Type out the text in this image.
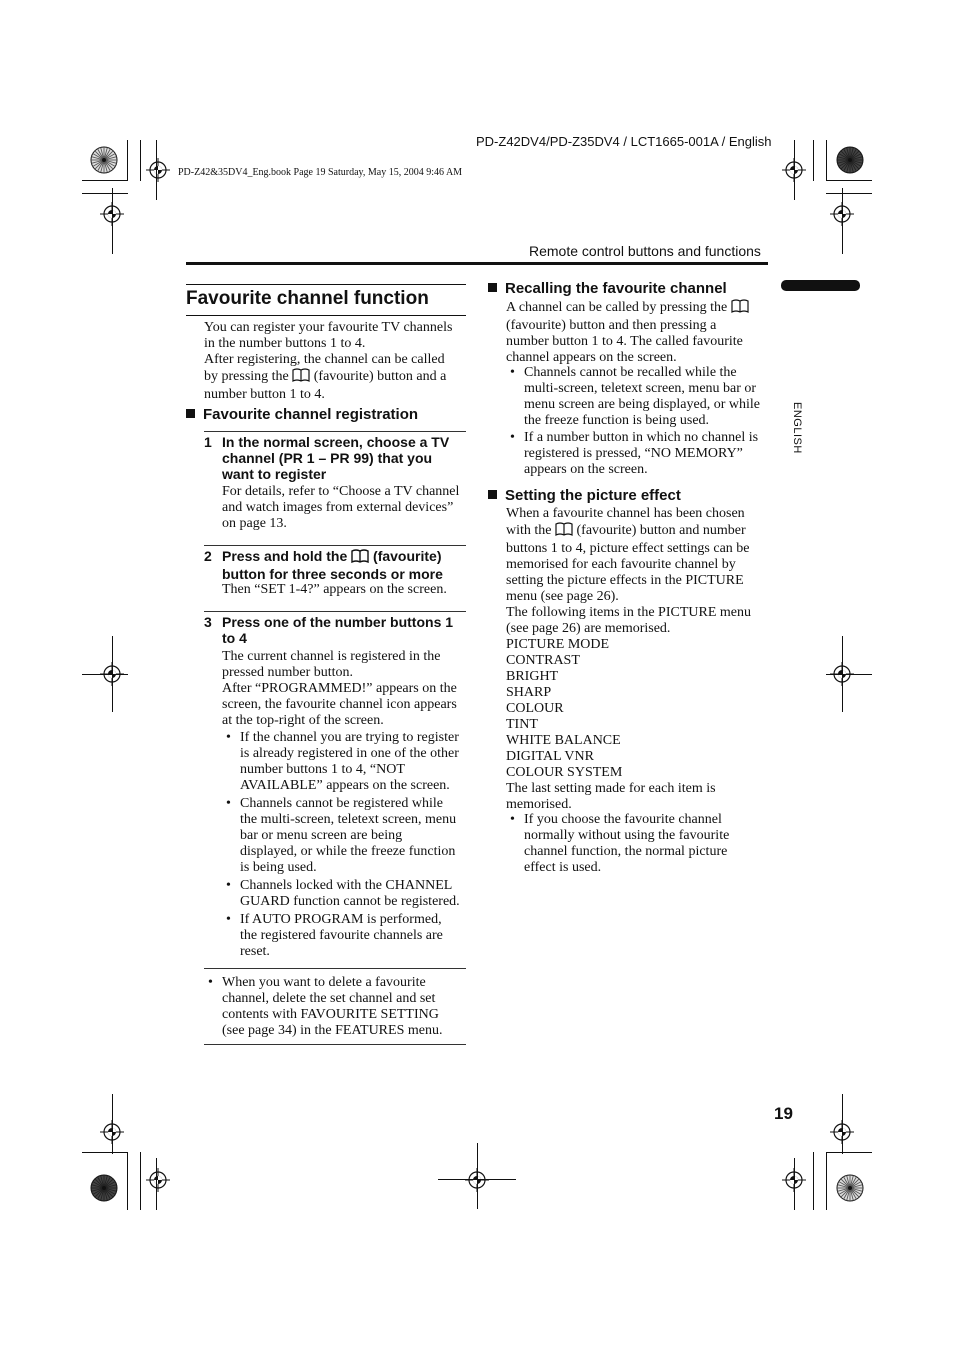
PD-Z42DV4/PD-Z35DV4 / LCT1665-001A / English
PD-Z42&35DV4_Eng.book Page 19 Saturday, May 15, 2004 9:46 AM
Remote control buttons and functions
ENGLISH
19
Favourite channel function
You can register your favourite TV channels
in the number buttons 1 to 4.
After registering, the channel can be called
by pressing the  (favourite) button and a
number button 1 to 4.
Favourite channel registration
1 In the normal screen, choose a TV
channel (PR 1 – PR 99) that you
want to register
For details, refer to “Choose a TV channel
and watch images from external devices”
on page 13.
2 Press and hold the  (favourite)
button for three seconds or more
Then “SET 1-4?” appears on the screen.
3 Press one of the number buttons 1
to 4
The current channel is registered in the
pressed number button.
After “PROGRAMMED!” appears on the
screen, the favourite channel icon appears
at the top-right of the screen.
• If the channel you are trying to register
is already registered in one of the other
number buttons 1 to 4, “NOT
AVAILABLE” appears on the screen.
• Channels cannot be registered while
the multi-screen, teletext screen, menu
bar or menu screen are being
displayed, or while the freeze function
is being used.
• Channels locked with the CHANNEL
GUARD function cannot be registered.
• If AUTO PROGRAM is performed,
the registered favourite channels are
reset.
• When you want to delete a favourite
channel, delete the set channel and set
contents with FAVOURITE SETTING
(see page 34) in the FEATURES menu.
Recalling the favourite channel
A channel can be called by pressing the
(favourite) button and then pressing a
number button 1 to 4. The called favourite
channel appears on the screen.
• Channels cannot be recalled while the
multi-screen, teletext screen, menu bar or
menu screen are being displayed, or while
the freeze function is being used.
• If a number button in which no channel is
registered is pressed, “NO MEMORY”
appears on the screen.
Setting the picture effect
When a favourite channel has been chosen
with the  (favourite) button and number
buttons 1 to 4, picture effect settings can be
memorised for each favourite channel by
setting the picture effects in the PICTURE
menu (see page 26).
The following items in the PICTURE menu
(see page 26) are memorised.
PICTURE MODE
CONTRAST
BRIGHT
SHARP
COLOUR
TINT
WHITE BALANCE
DIGITAL VNR
COLOUR SYSTEM
The last setting made for each item is
memorised.
• If you choose the favourite channel
normally without using the favourite
channel function, the normal picture
effect is used.
